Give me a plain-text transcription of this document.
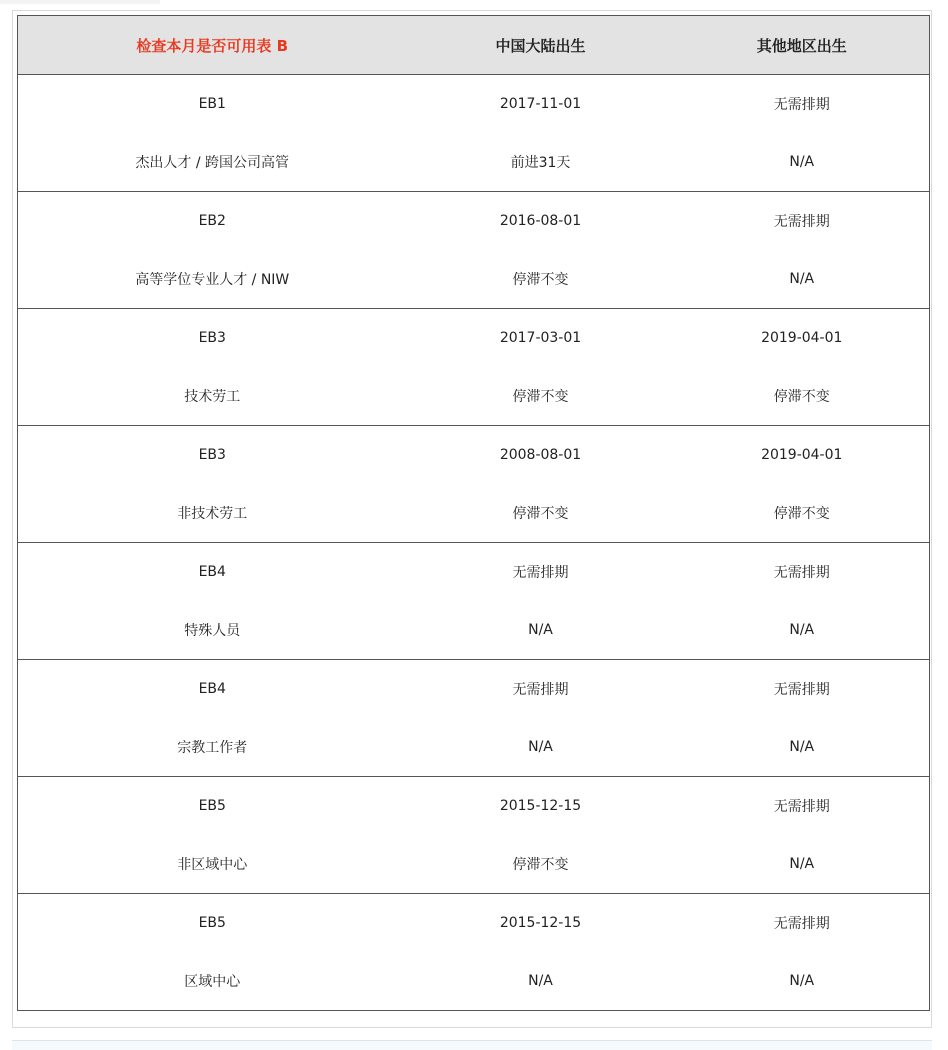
检查本月是否可用表 B	中国大陆出生	其他地区出生
EB1	2017-11-01	无需排期
杰出人才 / 跨国公司高管	前进31天	N/A
EB2	2016-08-01	无需排期
高等学位专业人才 / NIW	停滞不变	N/A
EB3	2017-03-01	2019-04-01
技术劳工	停滞不变	停滞不变
EB3	2008-08-01	2019-04-01
非技术劳工	停滞不变	停滞不变
EB4	无需排期	无需排期
特殊人员	N/A	N/A
EB4	无需排期	无需排期
宗教工作者	N/A	N/A
EB5	2015-12-15	无需排期
非区域中心	停滞不变	N/A
EB5	2015-12-15	无需排期
区域中心	N/A	N/A
